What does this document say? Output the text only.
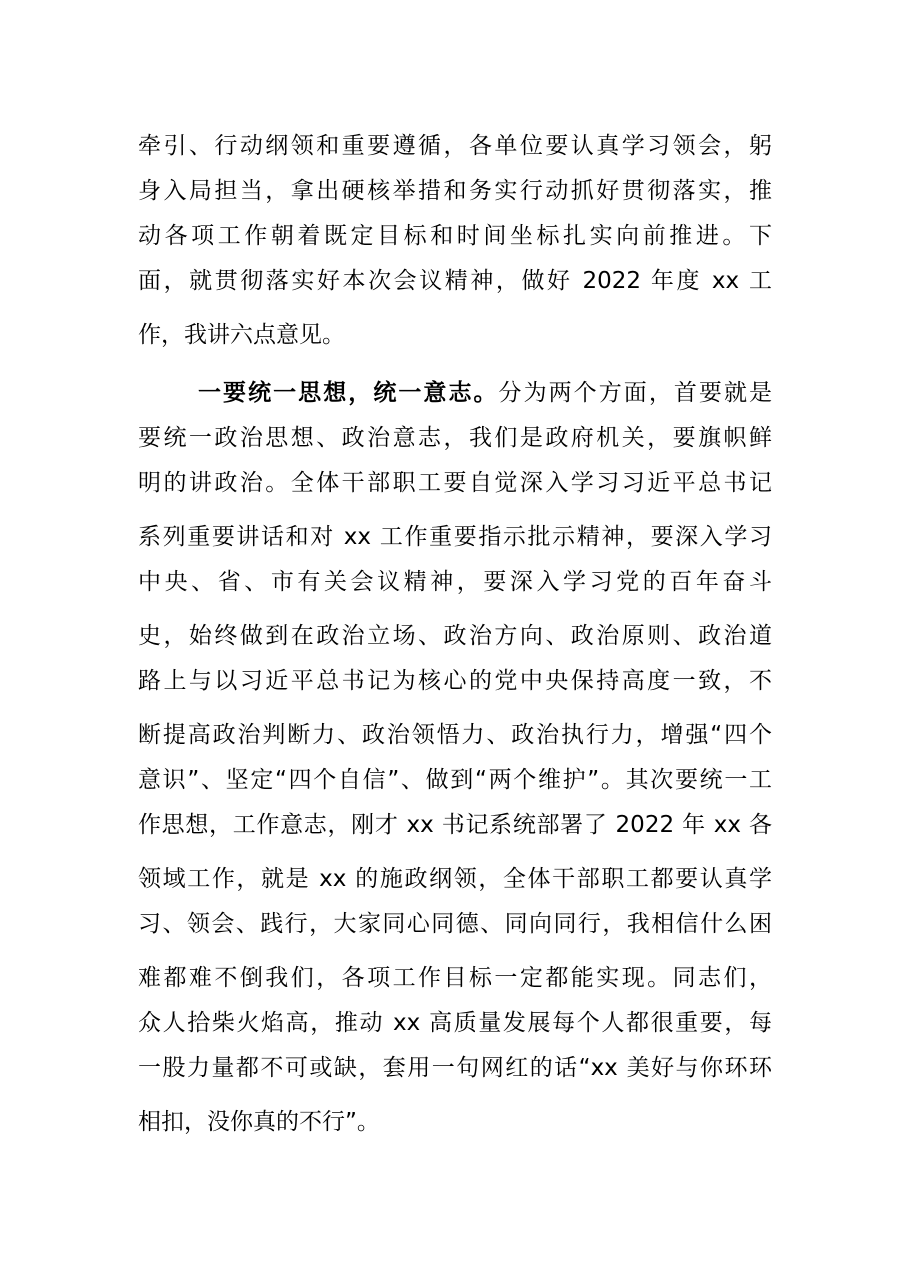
牵引、行动纲领和重要遵循，各单位要认真学习领会，躬
身入局担当，拿出硬核举措和务实行动抓好贯彻落实，推
动各项工作朝着既定目标和时间坐标扎实向前推进。下
面，就贯彻落实好本次会议精神，做好 2022 年度 xx 工
作，我讲六点意见。
一要统一思想，统一意志。分为两个方面，首要就是
要统一政治思想、政治意志，我们是政府机关，要旗帜鲜
明的讲政治。全体干部职工要自觉深入学习习近平总书记
系列重要讲话和对 xx 工作重要指示批示精神，要深入学习
中央、省、市有关会议精神，要深入学习党的百年奋斗
史，始终做到在政治立场、政治方向、政治原则、政治道
路上与以习近平总书记为核心的党中央保持高度一致，不
断提高政治判断力、政治领悟力、政治执行力，增强“四个
意识”、坚定“四个自信”、做到“两个维护”。其次要统一工
作思想，工作意志，刚才 xx 书记系统部署了 2022 年 xx 各
领域工作，就是 xx 的施政纲领，全体干部职工都要认真学
习、领会、践行，大家同心同德、同向同行，我相信什么困
难都难不倒我们，各项工作目标一定都能实现。同志们，
众人拾柴火焰高，推动 xx 高质量发展每个人都很重要，每
一股力量都不可或缺，套用一句网红的话“xx 美好与你环环
相扣，没你真的不行”。
